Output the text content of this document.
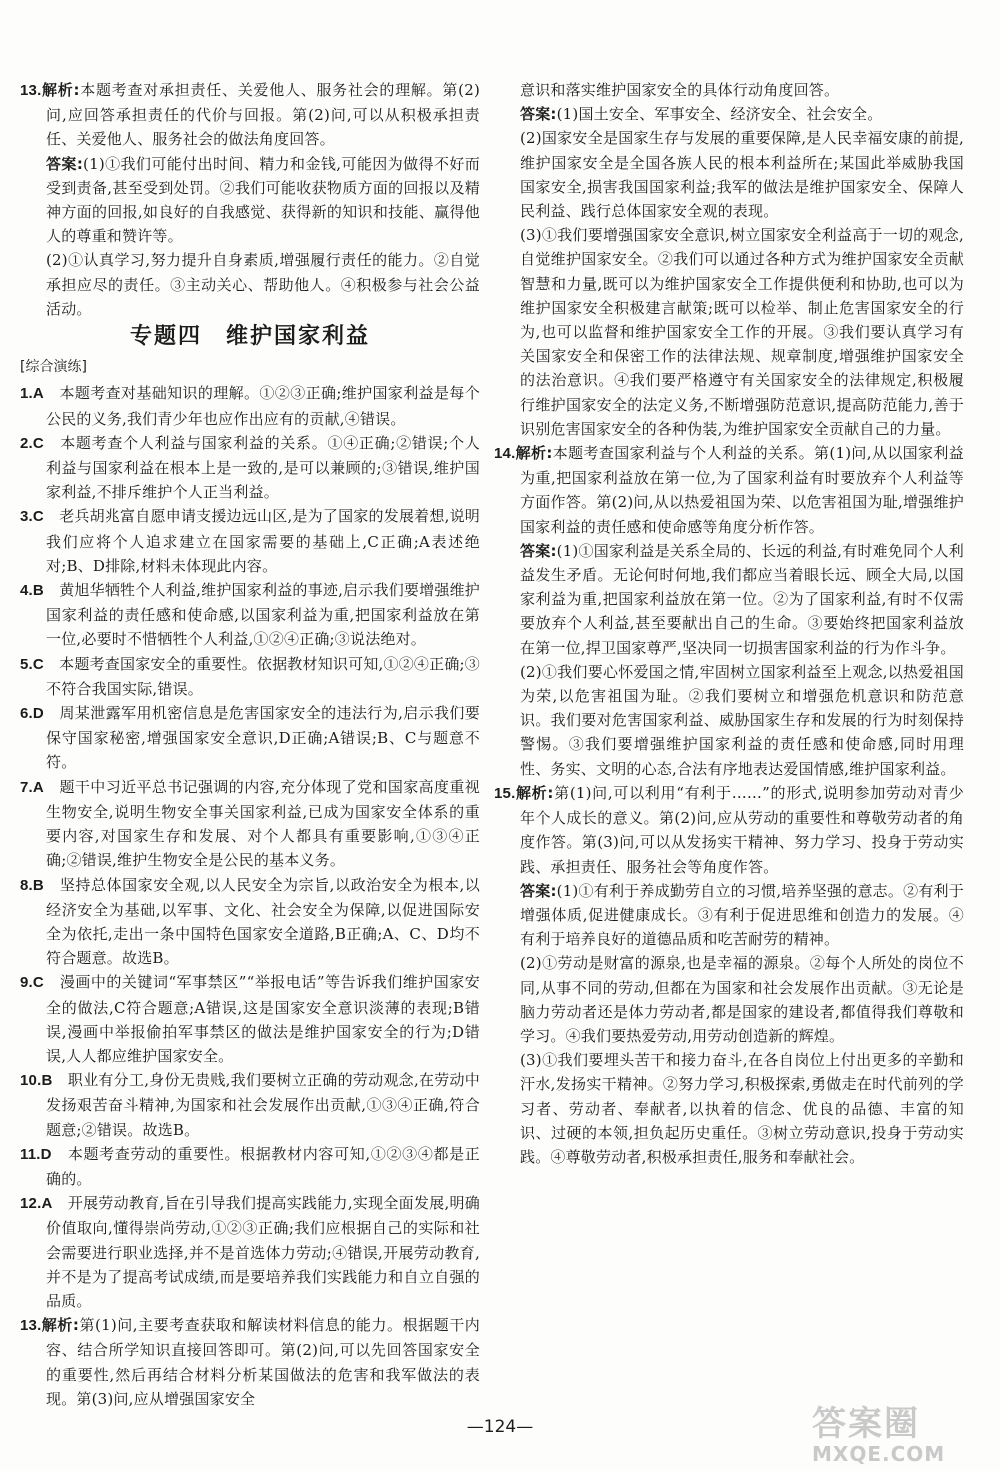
13.解析:本题考查对承担责任、关爱他人、服务社会的理解。第(2)问,应回答承担责任的代价与回报。第(2)问,可以从积极承担责任、关爱他人、服务社会的做法角度回答。

答案:(1)①我们可能付出时间、精力和金钱,可能因为做得不好而受到责备,甚至受到处罚。②我们可能收获物质方面的回报以及精神方面的回报,如良好的自我感觉、获得新的知识和技能、赢得他人的尊重和赞许等。

(2)①认真学习,努力提升自身素质,增强履行责任的能力。②自觉承担应尽的责任。③主动关心、帮助他人。④积极参与社会公益活动。

专题四　维护国家利益
[综合演练]

1.A　 本题考查对基础知识的理解。①②③正确;维护国家利益是每个公民的义务,我们青少年也应作出应有的贡献,④错误。

2.C　 本题考查个人利益与国家利益的关系。①④正确;②错误;个人利益与国家利益在根本上是一致的,是可以兼顾的;③错误,维护国家利益,不排斥维护个人正当利益。

3.C　 老兵胡兆富自愿申请支援边远山区,是为了国家的发展着想,说明我们应将个人追求建立在国家需要的基础上,C正确;A表述绝对;B、D排除,材料未体现此内容。

4.B　 黄旭华牺牲个人利益,维护国家利益的事迹,启示我们要增强维护国家利益的责任感和使命感,以国家利益为重,把国家利益放在第一位,必要时不惜牺牲个人利益,①②④正确;③说法绝对。

5.C　 本题考查国家安全的重要性。依据教材知识可知,①②④正确;③不符合我国实际,错误。

6.D　 周某泄露军用机密信息是危害国家安全的违法行为,启示我们要保守国家秘密,增强国家安全意识,D正确;A错误;B、C与题意不符。

7.A　 题干中习近平总书记强调的内容,充分体现了党和国家高度重视生物安全,说明生物安全事关国家利益,已成为国家安全体系的重要内容,对国家生存和发展、对个人都具有重要影响,①③④正确;②错误,维护生物安全是公民的基本义务。

8.B　 坚持总体国家安全观,以人民安全为宗旨,以政治安全为根本,以经济安全为基础,以军事、文化、社会安全为保障,以促进国际安全为依托,走出一条中国特色国家安全道路,B正确;A、C、D均不符合题意。故选B。

9.C　 漫画中的关键词“军事禁区”“举报电话”等告诉我们维护国家安全的做法,C符合题意;A错误,这是国家安全意识淡薄的表现;B错误,漫画中举报偷拍军事禁区的做法是维护国家安全的行为;D错误,人人都应维护国家安全。

10.B　 职业有分工,身份无贵贱,我们要树立正确的劳动观念,在劳动中发扬艰苦奋斗精神,为国家和社会发展作出贡献,①③④正确,符合题意;②错误。故选B。

11.D　 本题考查劳动的重要性。根据教材内容可知,①②③④都是正确的。

12.A　 开展劳动教育,旨在引导我们提高实践能力,实现全面发展,明确价值取向,懂得崇尚劳动,①②③正确;我们应根据自己的实际和社会需要进行职业选择,并不是首选体力劳动;④错误,开展劳动教育,并不是为了提高考试成绩,而是要培养我们实践能力和自立自强的品质。

13.解析:第(1)问,主要考查获取和解读材料信息的能力。根据题干内容、结合所学知识直接回答即可。第(2)问,可以先回答国家安全的重要性,然后再结合材料分析某国做法的危害和我军做法的表现。第(3)问,应从增强国家安全

意识和落实维护国家安全的具体行动角度回答。

答案:(1)国土安全、军事安全、经济安全、社会安全。

(2)国家安全是国家生存与发展的重要保障,是人民幸福安康的前提,维护国家安全是全国各族人民的根本利益所在;某国此举威胁我国国家安全,损害我国国家利益;我军的做法是维护国家安全、保障人民利益、践行总体国家安全观的表现。

(3)①我们要增强国家安全意识,树立国家安全利益高于一切的观念,自觉维护国家安全。②我们可以通过各种方式为维护国家安全贡献智慧和力量,既可以为维护国家安全工作提供便利和协助,也可以为维护国家安全积极建言献策;既可以检举、制止危害国家安全的行为,也可以监督和维护国家安全工作的开展。③我们要认真学习有关国家安全和保密工作的法律法规、规章制度,增强维护国家安全的法治意识。④我们要严格遵守有关国家安全的法律规定,积极履行维护国家安全的法定义务,不断增强防范意识,提高防范能力,善于识别危害国家安全的各种伪装,为维护国家安全贡献自己的力量。

14.解析:本题考查国家利益与个人利益的关系。第(1)问,从以国家利益为重,把国家利益放在第一位,为了国家利益有时要放弃个人利益等方面作答。第(2)问,从以热爱祖国为荣、以危害祖国为耻,增强维护国家利益的责任感和使命感等角度分析作答。

答案:(1)①国家利益是关系全局的、长远的利益,有时难免同个人利益发生矛盾。无论何时何地,我们都应当着眼长远、顾全大局,以国家利益为重,把国家利益放在第一位。②为了国家利益,有时不仅需要放弃个人利益,甚至要献出自己的生命。③要始终把国家利益放在第一位,捍卫国家尊严,坚决同一切损害国家利益的行为作斗争。

(2)①我们要心怀爱国之情,牢固树立国家利益至上观念,以热爱祖国为荣,以危害祖国为耻。②我们要树立和增强危机意识和防范意识。我们要对危害国家利益、威胁国家生存和发展的行为时刻保持警惕。③我们要增强维护国家利益的责任感和使命感,同时用理性、务实、文明的心态,合法有序地表达爱国情感,维护国家利益。

15.解析:第(1)问,可以利用“有利于……”的形式,说明参加劳动对青少年个人成长的意义。第(2)问,应从劳动的重要性和尊敬劳动者的角度作答。第(3)问,可以从发扬实干精神、努力学习、投身于劳动实践、承担责任、服务社会等角度作答。

答案:(1)①有利于养成勤劳自立的习惯,培养坚强的意志。②有利于增强体质,促进健康成长。③有利于促进思维和创造力的发展。④有利于培养良好的道德品质和吃苦耐劳的精神。

(2)①劳动是财富的源泉,也是幸福的源泉。②每个人所处的岗位不同,从事不同的劳动,但都在为国家和社会发展作出贡献。③无论是脑力劳动者还是体力劳动者,都是国家的建设者,都值得我们尊敬和学习。④我们要热爱劳动,用劳动创造新的辉煌。

(3)①我们要埋头苦干和接力奋斗,在各自岗位上付出更多的辛勤和汗水,发扬实干精神。②努力学习,积极探索,勇做走在时代前列的学习者、劳动者、奉献者,以执着的信念、优良的品德、丰富的知识、过硬的本领,担负起历史重任。③树立劳动意识,投身于劳动实践。④尊敬劳动者,积极承担责任,服务和奉献社会。

—124—	答案圈
MXQE.COM
